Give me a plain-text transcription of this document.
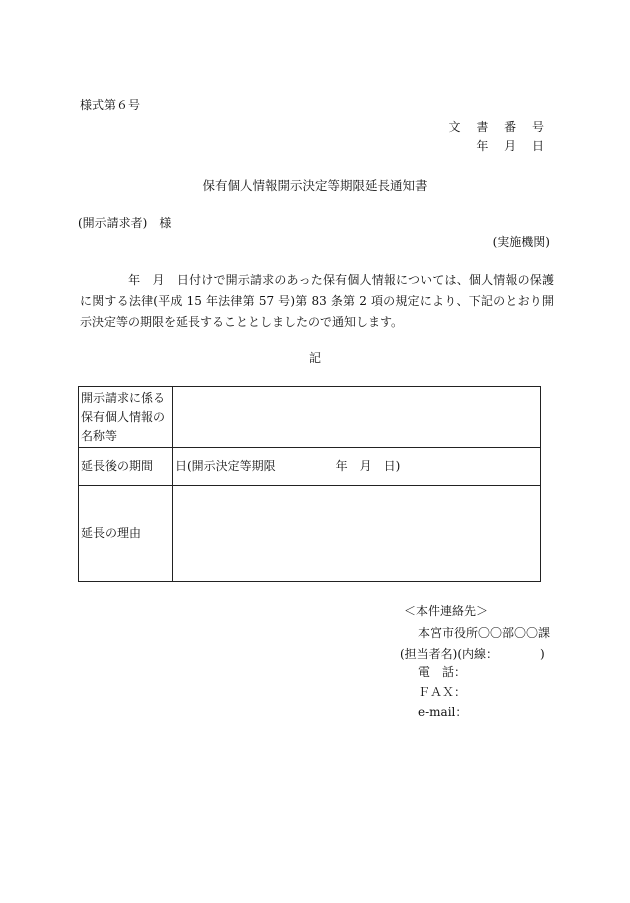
様式第６号
文 書 番 号
年 月 日
保有個人情報開示決定等期限延長通知書
(開示請求者)　様
(実施機関)
年　月　日付けで開示請求のあった保有個人情報については、個人情報の保護に関する法律(平成 15 年法律第 57 号)第 83 条第 2 項の規定により、下記のとおり開示決定等の期限を延長することとしましたので通知します。
記
開示請求に係る保有個人情報の名称等	
延長後の期間	日(開示決定等期限　　　　　年　月　日)
延長の理由	
＜本件連絡先＞
本宮市役所〇〇部〇〇課
(担当者名)(内線：　　　　)
電　話：
ＦＡＸ：
e-mail：
